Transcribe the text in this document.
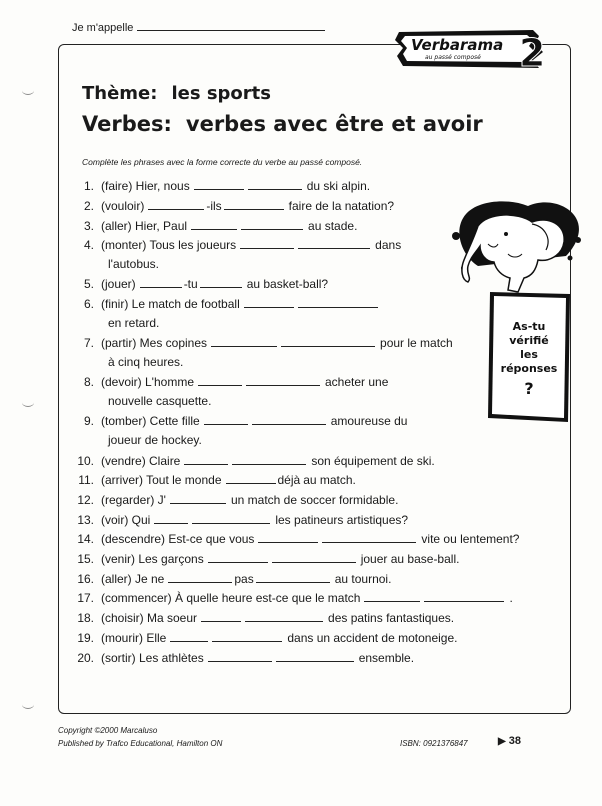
Je m'appelle
Verbarama
au passé composé 2
Thème: les sports
Verbes: verbes avec être et avoir
Complète les phrases avec la forme correcte du verbe au passé composé.
1. (faire) Hier, nous	du ski alpin.
2. (vouloir)	-ils	faire de la natation?
3. (aller) Hier, Paul	au stade.
4. (monter) Tous les joueurs	dans
l'autobus.
5. (jouer)	-tu	au basket-ball?
6. (finir) Le match de football
en retard.
7. (partir) Mes copines	pour le match
à cinq heures.
8. (devoir) L'homme	acheter une
nouvelle casquette.
9. (tomber) Cette fille	amoureuse du
joueur de hockey.
10. (vendre) Claire	son équipement de ski.
11. (arriver) Tout le monde	déjà au match.
12. (regarder) J'	un match de soccer formidable.
13. (voir) Qui	les patineurs artistiques?
14. (descendre) Est-ce que vous	vite ou lentement?
15. (venir) Les garçons	jouer au base-ball.
16. (aller) Je ne	pas	au tournoi.
17. (commencer) À quelle heure est-ce que le match	.
18. (choisir) Ma soeur	des patins fantastiques.
19. (mourir) Elle	dans un accident de motoneige.
20. (sortir) Les athlètes	ensemble.
As-tu
vérifié
les
réponses
?
Copyright ©2000 Marcaluso
Published by Trafco Educational, Hamilton ON	ISBN: 0921376847	▶ 38
